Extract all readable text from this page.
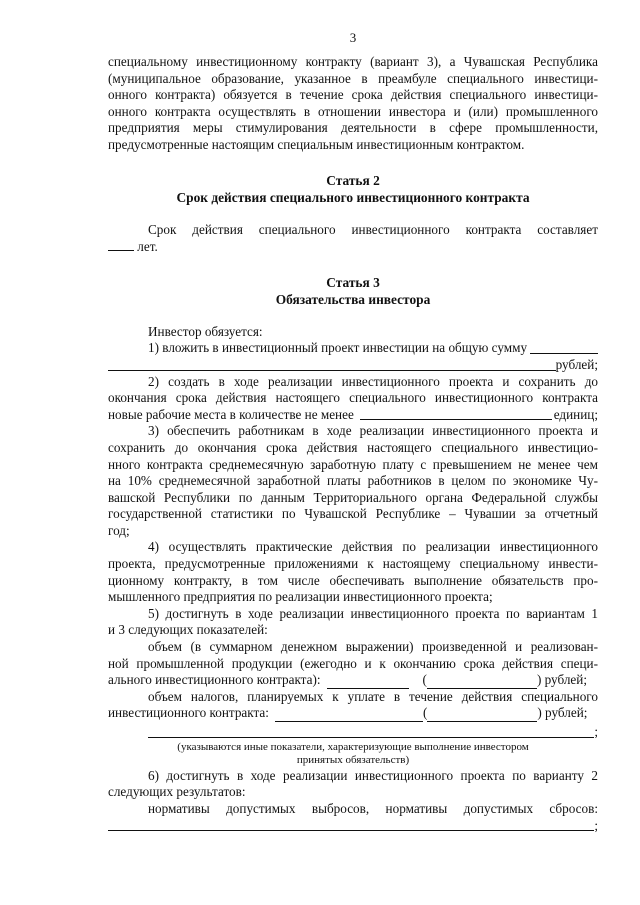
3

специальному инвестиционному контракту (вариант 3), а Чувашская Республика

(муниципальное образование, указанное в преамбуле специального инвестици-

онного контракта) обязуется в течение срока действия специального инвестици-

онного контракта осуществлять в отношении инвестора и (или) промышленного

предприятия меры стимулирования деятельности в сфере промышленности,

предусмотренные настоящим специальным инвестиционным контрактом.

Статья 2
Срок действия специального инвестиционного контракта

Срок действия специального инвестиционного контракта составляет

лет.

Статья 3
Обязательства инвестора

Инвестор обязуется:

1) вложить в инвестиционный проект инвестиции на общую сумму
рублей;

2) создать в ходе реализации инвестиционного проекта и сохранить до

окончания срока действия настоящего специального инвестиционного контракта

новые рабочие места в количестве не менее	единиц;

3) обеспечить работникам в ходе реализации инвестиционного проекта и

сохранить до окончания срока действия настоящего специального инвестицио-

нного контракта среднемесячную заработную плату с превышением не менее чем

на 10% среднемесячной заработной платы работников в целом по экономике Чу-

вашской Республики по данным Территориального органа Федеральной службы

государственной статистики по Чувашской Республике – Чувашии за отчетный

год;

4) осуществлять практические действия по реализации инвестиционного

проекта, предусмотренные приложениями к настоящему специальному инвести-

ционному контракту, в том числе обеспечивать выполнение обязательств про-

мышленного предприятия по реализации инвестиционного проекта;

5) достигнуть в ходе реализации инвестиционного проекта по вариантам 1

и 3 следующих показателей:

объем (в суммарном денежном выражении) произведенной и реализован-

ной промышленной продукции (ежегодно и к окончанию срока действия специ-

ального инвестиционного контракта):	(	) рублей;

объем налогов, планируемых к уплате в течение действия специального

инвестиционного контракта:	(	) рублей;
;
(указываются иные показатели, характеризующие выполнение инвестором
принятых обязательств)

6) достигнуть в ходе реализации инвестиционного проекта по варианту 2

следующих результатов:

нормативы допустимых выбросов, нормативы допустимых сбросов:

;
